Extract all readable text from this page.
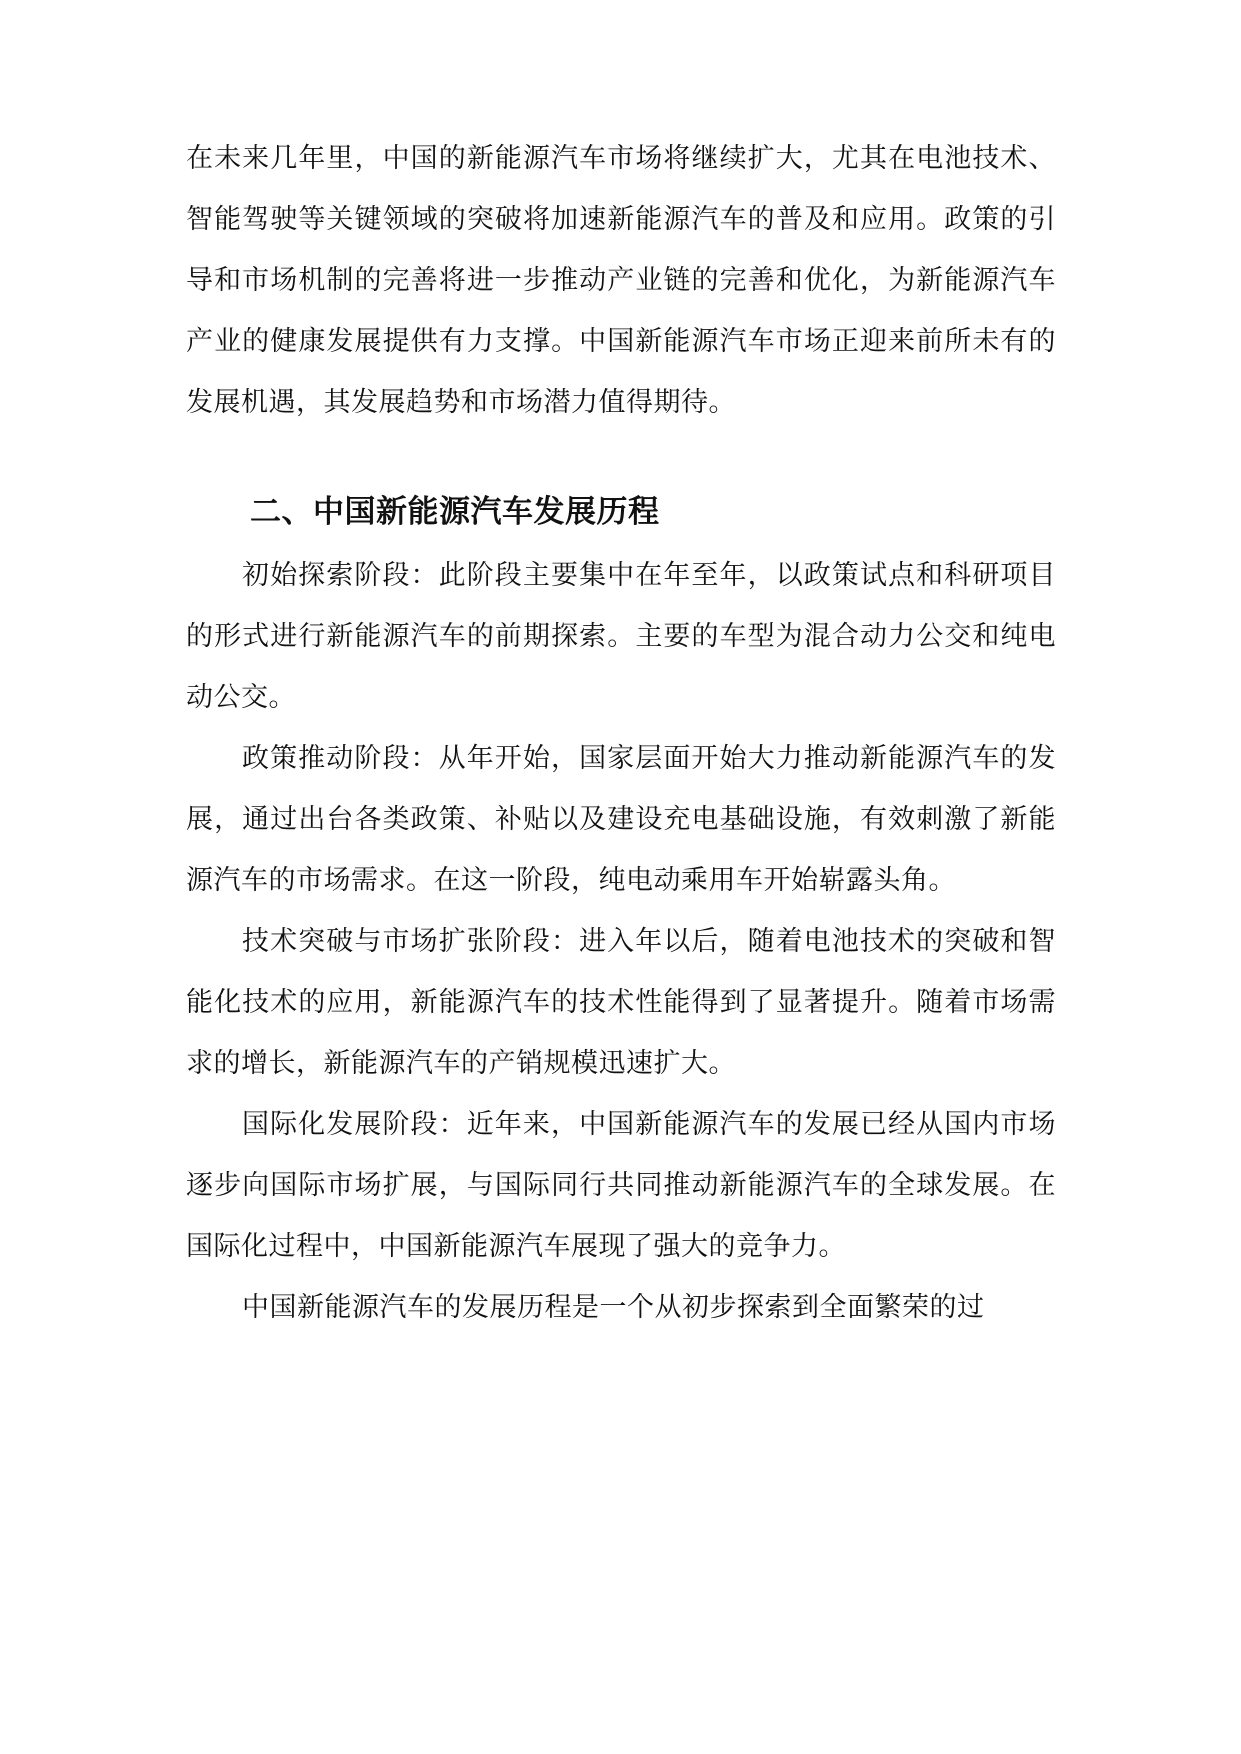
在未来几年里，中国的新能源汽车市场将继续扩大，尤其在电池技术、智能驾驶等关键领域的突破将加速新能源汽车的普及和应用。政策的引导和市场机制的完善将进一步推动产业链的完善和优化，为新能源汽车产业的健康发展提供有力支撑。中国新能源汽车市场正迎来前所未有的发展机遇，其发展趋势和市场潜力值得期待。

二、中国新能源汽车发展历程

初始探索阶段：此阶段主要集中在年至年，以政策试点和科研项目的形式进行新能源汽车的前期探索。主要的车型为混合动力公交和纯电动公交。

政策推动阶段：从年开始，国家层面开始大力推动新能源汽车的发展，通过出台各类政策、补贴以及建设充电基础设施，有效刺激了新能源汽车的市场需求。在这一阶段，纯电动乘用车开始崭露头角。

技术突破与市场扩张阶段：进入年以后，随着电池技术的突破和智能化技术的应用，新能源汽车的技术性能得到了显著提升。随着市场需求的增长，新能源汽车的产销规模迅速扩大。

国际化发展阶段：近年来，中国新能源汽车的发展已经从国内市场逐步向国际市场扩展，与国际同行共同推动新能源汽车的全球发展。在国际化过程中，中国新能源汽车展现了强大的竞争力。

中国新能源汽车的发展历程是一个从初步探索到全面繁荣的过
